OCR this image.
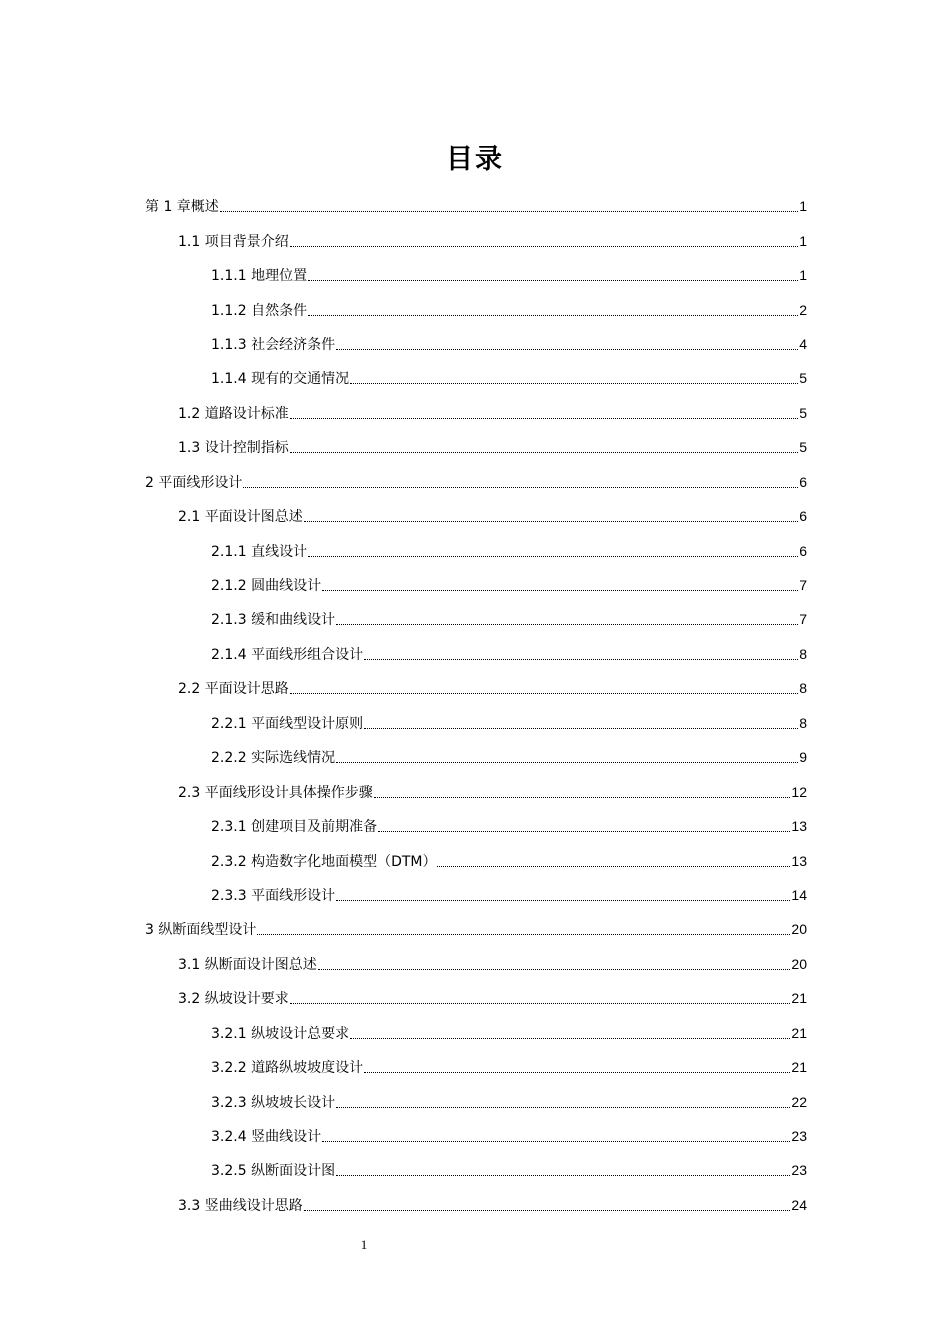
目录
第 1 章概述	1
1.1 项目背景介绍	1
1.1.1 地理位置	1
1.1.2 自然条件	2
1.1.3 社会经济条件	4
1.1.4 现有的交通情况	5
1.2 道路设计标准	5
1.3 设计控制指标	5
2 平面线形设计	6
2.1 平面设计图总述	6
2.1.1 直线设计	6
2.1.2 圆曲线设计	7
2.1.3 缓和曲线设计	7
2.1.4 平面线形组合设计	8
2.2 平面设计思路	8
2.2.1 平面线型设计原则	8
2.2.2 实际选线情况	9
2.3 平面线形设计具体操作步骤	12
2.3.1 创建项目及前期准备	13
2.3.2 构造数字化地面模型（DTM）	13
2.3.3 平面线形设计	14
3 纵断面线型设计	20
3.1 纵断面设计图总述	20
3.2 纵坡设计要求	21
3.2.1 纵坡设计总要求	21
3.2.2 道路纵坡坡度设计	21
3.2.3 纵坡坡长设计	22
3.2.4 竖曲线设计	23
3.2.5 纵断面设计图	23
3.3 竖曲线设计思路	24
1
